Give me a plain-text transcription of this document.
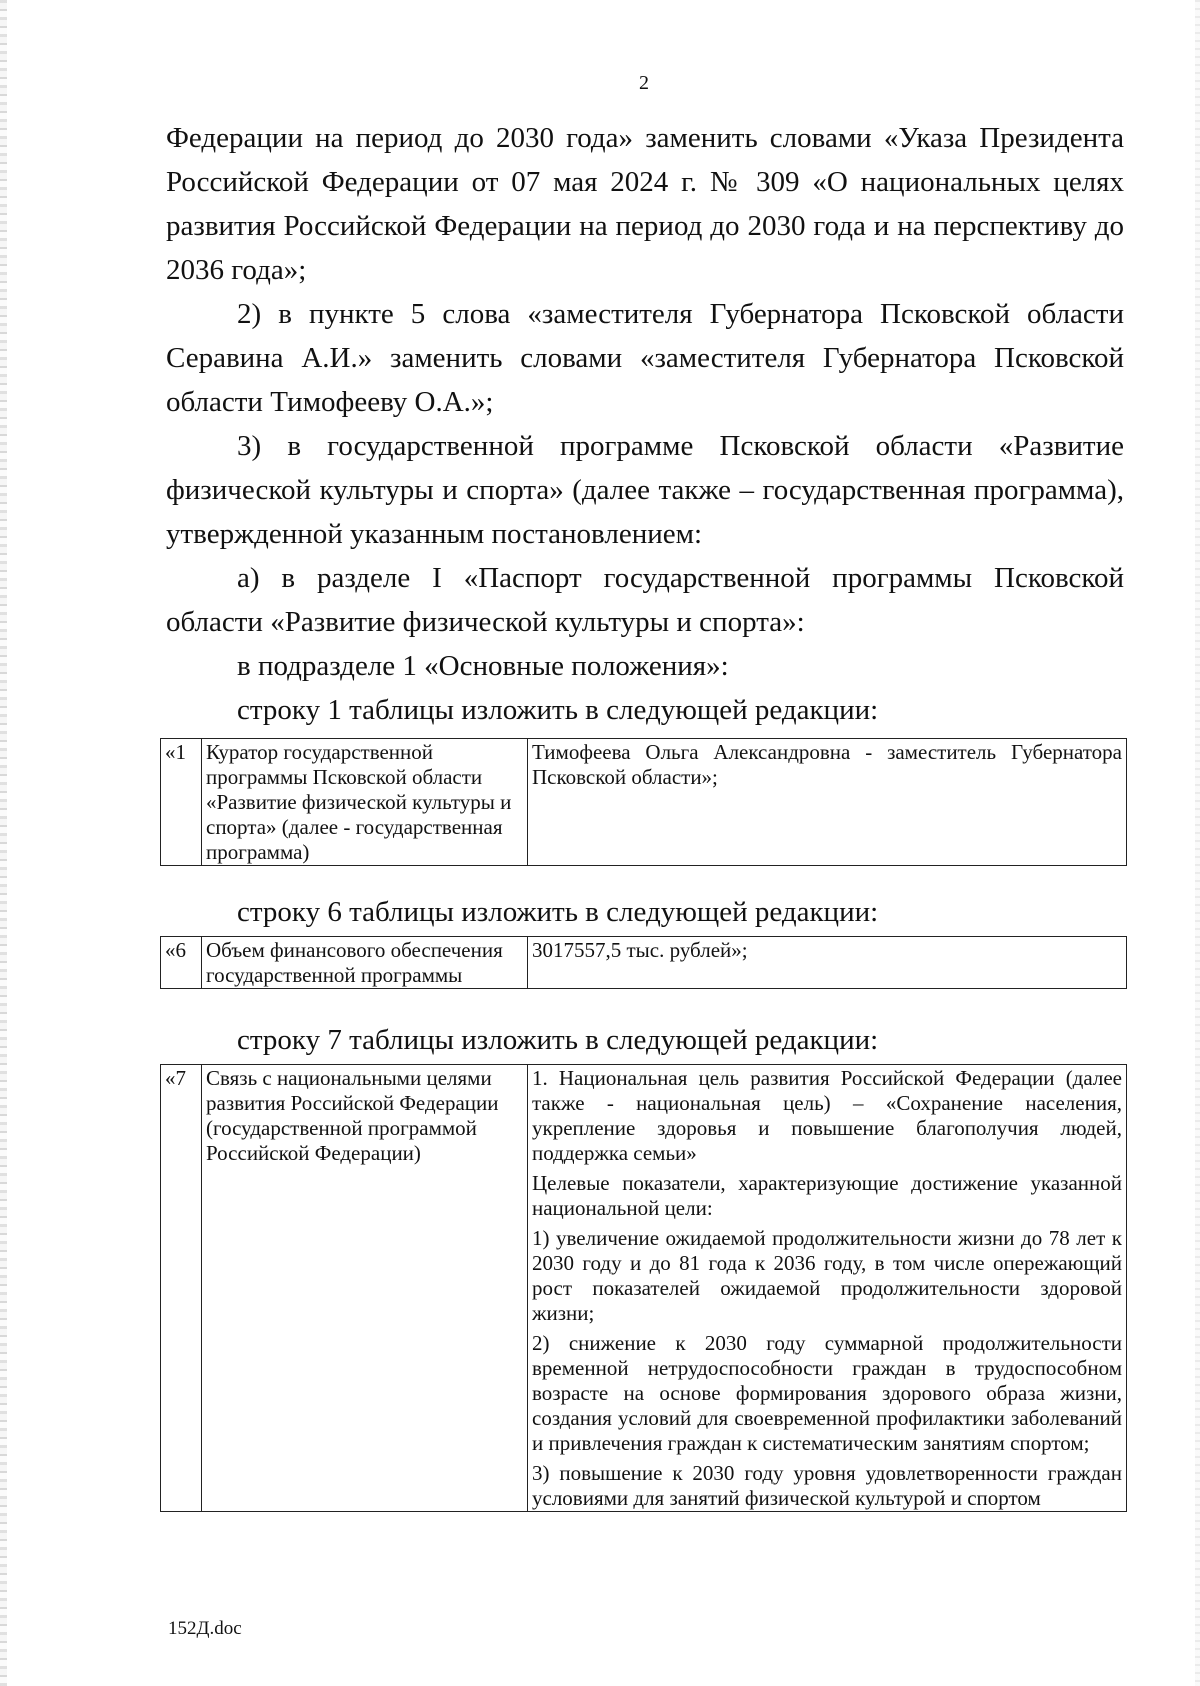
2

Федерации на период до 2030 года» заменить словами «Указа Президента Российской Федерации от 07 мая 2024 г. № 309 «О национальных целях развития Российской Федерации на период до 2030 года и на перспективу до 2036 года»;

2) в пункте 5 слова «заместителя Губернатора Псковской области Серавина А.И.» заменить словами «заместителя Губернатора Псковской области Тимофееву О.А.»;

3) в государственной программе Псковской области «Развитие физической культуры и спорта» (далее также – государственная программа), утвержденной указанным постановлением:

а) в разделе I «Паспорт государственной программы Псковской области «Развитие физической культуры и спорта»:

в подразделе 1 «Основные положения»:

строку 1 таблицы изложить в следующей редакции:
«1	Куратор государственной программы Псковской области «Развитие физической культуры и спорта» (далее - государственная программа)	Тимофеева Ольга Александровна - заместитель Губернатора Псковской области»;
строку 6 таблицы изложить в следующей редакции:
«6	Объем финансового обеспечения государственной программы	3017557,5 тыс. рублей»;
строку 7 таблицы изложить в следующей редакции:
«7	Связь с национальными целями развития Российской Федерации (государственной программой Российской Федерации)	

1. Национальная цель развития Российской Федерации (далее также - национальная цель) – «Сохранение населения, укрепление здоровья и повышение благополучия людей, поддержка семьи»

Целевые показатели, характеризующие достижение указанной национальной цели:

1) увеличение ожидаемой продолжительности жизни до 78 лет к 2030 году и до 81 года к 2036 году, в том числе опережающий рост показателей ожидаемой продолжительности здоровой жизни;

2) снижение к 2030 году суммарной продолжительности временной нетрудоспособности граждан в трудоспособном возрасте на основе формирования здорового образа жизни, создания условий для своевременной профилактики заболеваний и привлечения граждан к систематическим занятиям спортом;

3) повышение к 2030 году уровня удовлетворенности граждан условиями для занятий физической культурой и спортом

152Д.doc
